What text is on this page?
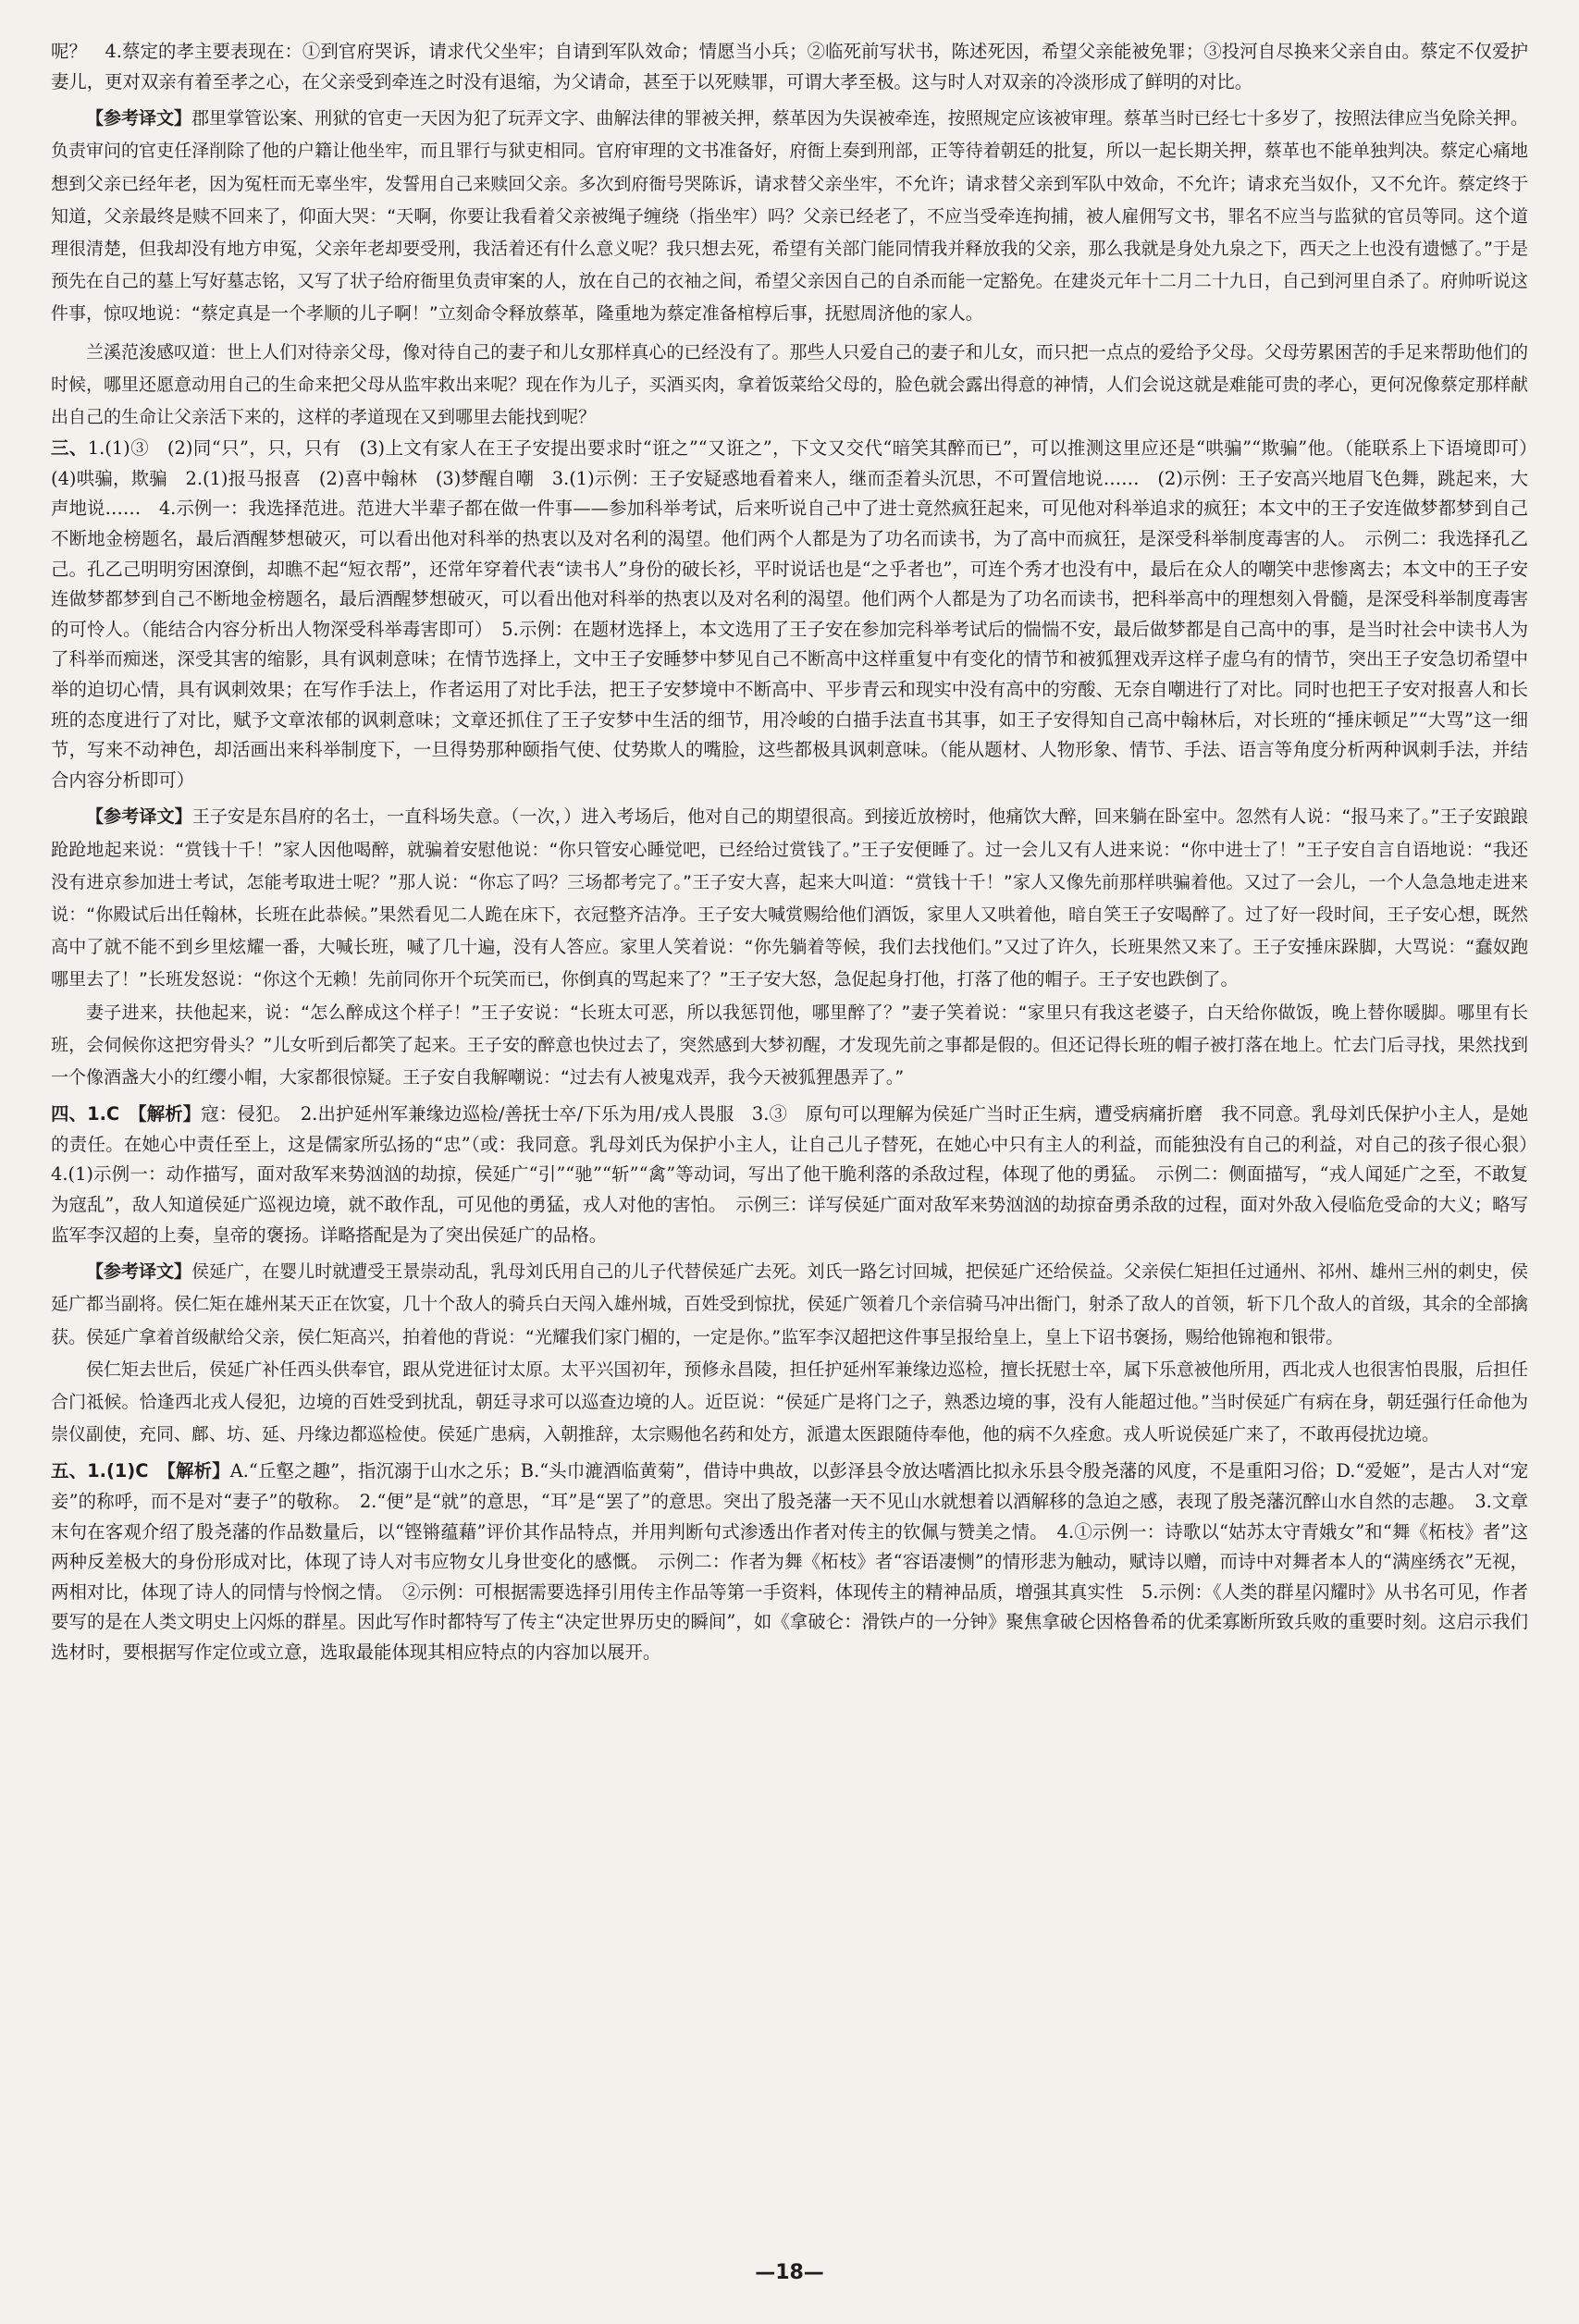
呢？　4.蔡定的孝主要表现在：①到官府哭诉，请求代父坐牢；自请到军队效命；情愿当小兵；②临死前写状书，陈述死因，希望父亲能被免罪；③投河自尽换来父亲自由。蔡定不仅爱护妻儿，更对双亲有着至孝之心，在父亲受到牵连之时没有退缩，为父请命，甚至于以死赎罪，可谓大孝至极。这与时人对双亲的冷淡形成了鲜明的对比。

【参考译文】郡里掌管讼案、刑狱的官吏一天因为犯了玩弄文字、曲解法律的罪被关押，蔡革因为失误被牵连，按照规定应该被审理。蔡革当时已经七十多岁了，按照法律应当免除关押。负责审问的官吏任泽削除了他的户籍让他坐牢，而且罪行与狱吏相同。官府审理的文书准备好，府衙上奏到刑部，正等待着朝廷的批复，所以一起长期关押，蔡革也不能单独判决。蔡定心痛地想到父亲已经年老，因为冤枉而无辜坐牢，发誓用自己来赎回父亲。多次到府衙号哭陈诉，请求替父亲坐牢，不允许；请求替父亲到军队中效命，不允许；请求充当奴仆，又不允许。蔡定终于知道，父亲最终是赎不回来了，仰面大哭：“天啊，你要让我看着父亲被绳子缠绕（指坐牢）吗？父亲已经老了，不应当受牵连拘捕，被人雇佣写文书，罪名不应当与监狱的官员等同。这个道理很清楚，但我却没有地方申冤，父亲年老却要受刑，我活着还有什么意义呢？我只想去死，希望有关部门能同情我并释放我的父亲，那么我就是身处九泉之下，西天之上也没有遗憾了。”于是预先在自己的墓上写好墓志铭，又写了状子给府衙里负责审案的人，放在自己的衣袖之间，希望父亲因自己的自杀而能一定豁免。在建炎元年十二月二十九日，自己到河里自杀了。府帅听说这件事，惊叹地说：“蔡定真是一个孝顺的儿子啊！”立刻命令释放蔡革，隆重地为蔡定准备棺椁后事，抚慰周济他的家人。

兰溪范浚感叹道：世上人们对待亲父母，像对待自己的妻子和儿女那样真心的已经没有了。那些人只爱自己的妻子和儿女，而只把一点点的爱给予父母。父母劳累困苦的手足来帮助他们的时候，哪里还愿意动用自己的生命来把父母从监牢救出来呢？现在作为儿子，买酒买肉，拿着饭菜给父母的，脸色就会露出得意的神情，人们会说这就是难能可贵的孝心，更何况像蔡定那样献出自己的生命让父亲活下来的，这样的孝道现在又到哪里去能找到呢？

三、1.(1)③　(2)同“只”，只，只有　(3)上文有家人在王子安提出要求时“诳之”“又诳之”，下文又交代“暗笑其醉而已”，可以推测这里应还是“哄骗”“欺骗”他。（能联系上下语境即可）　(4)哄骗，欺骗　2.(1)报马报喜　(2)喜中翰林　(3)梦醒自嘲　3.(1)示例：王子安疑惑地看着来人，继而歪着头沉思，不可置信地说……　(2)示例：王子安高兴地眉飞色舞，跳起来，大声地说……　4.示例一：我选择范进。范进大半辈子都在做一件事——参加科举考试，后来听说自己中了进士竟然疯狂起来，可见他对科举追求的疯狂；本文中的王子安连做梦都梦到自己不断地金榜题名，最后酒醒梦想破灭，可以看出他对科举的热衷以及对名利的渴望。他们两个人都是为了功名而读书，为了高中而疯狂，是深受科举制度毒害的人。　示例二：我选择孔乙己。孔乙己明明穷困潦倒，却瞧不起“短衣帮”，还常年穿着代表“读书人”身份的破长衫，平时说话也是“之乎者也”，可连个秀才也没有中，最后在众人的嘲笑中悲惨离去；本文中的王子安连做梦都梦到自己不断地金榜题名，最后酒醒梦想破灭，可以看出他对科举的热衷以及对名利的渴望。他们两个人都是为了功名而读书，把科举高中的理想刻入骨髓，是深受科举制度毒害的可怜人。（能结合内容分析出人物深受科举毒害即可）　5.示例：在题材选择上，本文选用了王子安在参加完科举考试后的惴惴不安，最后做梦都是自己高中的事，是当时社会中读书人为了科举而痴迷，深受其害的缩影，具有讽刺意味；在情节选择上，文中王子安睡梦中梦见自己不断高中这样重复中有变化的情节和被狐狸戏弄这样子虚乌有的情节，突出王子安急切希望中举的迫切心情，具有讽刺效果；在写作手法上，作者运用了对比手法，把王子安梦境中不断高中、平步青云和现实中没有高中的穷酸、无奈自嘲进行了对比。同时也把王子安对报喜人和长班的态度进行了对比，赋予文章浓郁的讽刺意味；文章还抓住了王子安梦中生活的细节，用冷峻的白描手法直书其事，如王子安得知自己高中翰林后，对长班的“捶床顿足”“大骂”这一细节，写来不动神色，却活画出来科举制度下，一旦得势那种颐指气使、仗势欺人的嘴脸，这些都极具讽刺意味。（能从题材、人物形象、情节、手法、语言等角度分析两种讽刺手法，并结合内容分析即可）

【参考译文】王子安是东昌府的名士，一直科场失意。（一次，）进入考场后，他对自己的期望很高。到接近放榜时，他痛饮大醉，回来躺在卧室中。忽然有人说：“报马来了。”王子安踉踉跄跄地起来说：“赏钱十千！”家人因他喝醉，就骗着安慰他说：“你只管安心睡觉吧，已经给过赏钱了。”王子安便睡了。过一会儿又有人进来说：“你中进士了！”王子安自言自语地说：“我还没有进京参加进士考试，怎能考取进士呢？”那人说：“你忘了吗？三场都考完了。”王子安大喜，起来大叫道：“赏钱十千！”家人又像先前那样哄骗着他。又过了一会儿，一个人急急地走进来说：“你殿试后出任翰林，长班在此恭候。”果然看见二人跪在床下，衣冠整齐洁净。王子安大喊赏赐给他们酒饭，家里人又哄着他，暗自笑王子安喝醉了。过了好一段时间，王子安心想，既然高中了就不能不到乡里炫耀一番，大喊长班，喊了几十遍，没有人答应。家里人笑着说：“你先躺着等候，我们去找他们。”又过了许久，长班果然又来了。王子安捶床跺脚，大骂说：“蠢奴跑哪里去了！”长班发怒说：“你这个无赖！先前同你开个玩笑而已，你倒真的骂起来了？”王子安大怒，急促起身打他，打落了他的帽子。王子安也跌倒了。

妻子进来，扶他起来，说：“怎么醉成这个样子！”王子安说：“长班太可恶，所以我惩罚他，哪里醉了？”妻子笑着说：“家里只有我这老婆子，白天给你做饭，晚上替你暖脚。哪里有长班，会伺候你这把穷骨头？”儿女听到后都笑了起来。王子安的醉意也快过去了，突然感到大梦初醒，才发现先前之事都是假的。但还记得长班的帽子被打落在地上。忙去门后寻找，果然找到一个像酒盏大小的红缨小帽，大家都很惊疑。王子安自我解嘲说：“过去有人被鬼戏弄，我今天被狐狸愚弄了。”

四、1.C　【解析】寇：侵犯。　2.出护延州军兼缘边巡检/善抚士卒/下乐为用/戎人畏服　3.③　原句可以理解为侯延广当时正生病，遭受病痛折磨　我不同意。乳母刘氏保护小主人，是她的责任。在她心中责任至上，这是儒家所弘扬的“忠”（或：我同意。乳母刘氏为保护小主人，让自己儿子替死，在她心中只有主人的利益，而能独没有自己的利益，对自己的孩子很心狠）　4.(1)示例一：动作描写，面对敌军来势汹汹的劫掠，侯延广“引”“驰”“斩”“禽”等动词，写出了他干脆利落的杀敌过程，体现了他的勇猛。　示例二：侧面描写，“戎人闻延广之至，不敢复为寇乱”，敌人知道侯延广巡视边境，就不敢作乱，可见他的勇猛，戎人对他的害怕。　示例三：详写侯延广面对敌军来势汹汹的劫掠奋勇杀敌的过程，面对外敌入侵临危受命的大义；略写监军李汉超的上奏，皇帝的褒扬。详略搭配是为了突出侯延广的品格。

【参考译文】侯延广，在婴儿时就遭受王景崇动乱，乳母刘氏用自己的儿子代替侯延广去死。刘氏一路乞讨回城，把侯延广还给侯益。父亲侯仁矩担任过通州、祁州、雄州三州的刺史，侯延广都当副将。侯仁矩在雄州某天正在饮宴，几十个敌人的骑兵白天闯入雄州城，百姓受到惊扰，侯延广领着几个亲信骑马冲出衙门，射杀了敌人的首领，斩下几个敌人的首级，其余的全部擒获。侯延广拿着首级献给父亲，侯仁矩高兴，拍着他的背说：“光耀我们家门楣的，一定是你。”监军李汉超把这件事呈报给皇上，皇上下诏书褒扬，赐给他锦袍和银带。

侯仁矩去世后，侯延广补任西头供奉官，跟从党进征讨太原。太平兴国初年，预修永昌陵，担任护延州军兼缘边巡检，擅长抚慰士卒，属下乐意被他所用，西北戎人也很害怕畏服，后担任合门祗候。恰逢西北戎人侵犯，边境的百姓受到扰乱，朝廷寻求可以巡查边境的人。近臣说：“侯延广是将门之子，熟悉边境的事，没有人能超过他。”当时侯延广有病在身，朝廷强行任命他为崇仪副使，充同、鄜、坊、延、丹缘边都巡检使。侯延广患病，入朝推辞，太宗赐他名药和处方，派遣太医跟随侍奉他，他的病不久痊愈。戎人听说侯延广来了，不敢再侵扰边境。

五、1.(1)C　【解析】A.“丘壑之趣”，指沉溺于山水之乐；B.“头巾漉酒临黄菊”，借诗中典故，以彭泽县令放达嗜酒比拟永乐县令殷尧藩的风度，不是重阳习俗；D.“爱姬”，是古人对“宠妾”的称呼，而不是对“妻子”的敬称。　2.“便”是“就”的意思，“耳”是“罢了”的意思。突出了殷尧藩一天不见山水就想着以酒解移的急迫之感，表现了殷尧藩沉醉山水自然的志趣。　3.文章末句在客观介绍了殷尧藩的作品数量后，以“铿锵蕴藉”评价其作品特点，并用判断句式渗透出作者对传主的钦佩与赞美之情。　4.①示例一：诗歌以“姑苏太守青娥女”和“舞《柘枝》者”这两种反差极大的身份形成对比，体现了诗人对韦应物女儿身世变化的感慨。　示例二：作者为舞《柘枝》者“容语凄恻”的情形悲为触动，赋诗以赠，而诗中对舞者本人的“满座绣衣”无视，两相对比，体现了诗人的同情与怜悯之情。　②示例：可根据需要选择引用传主作品等第一手资料，体现传主的精神品质，增强其真实性　5.示例：《人类的群星闪耀时》从书名可见，作者要写的是在人类文明史上闪烁的群星。因此写作时都特写了传主“决定世界历史的瞬间”，如《拿破仑：滑铁卢的一分钟》聚焦拿破仑因格鲁希的优柔寡断所致兵败的重要时刻。这启示我们选材时，要根据写作定位或立意，选取最能体现其相应特点的内容加以展开。

—18—
